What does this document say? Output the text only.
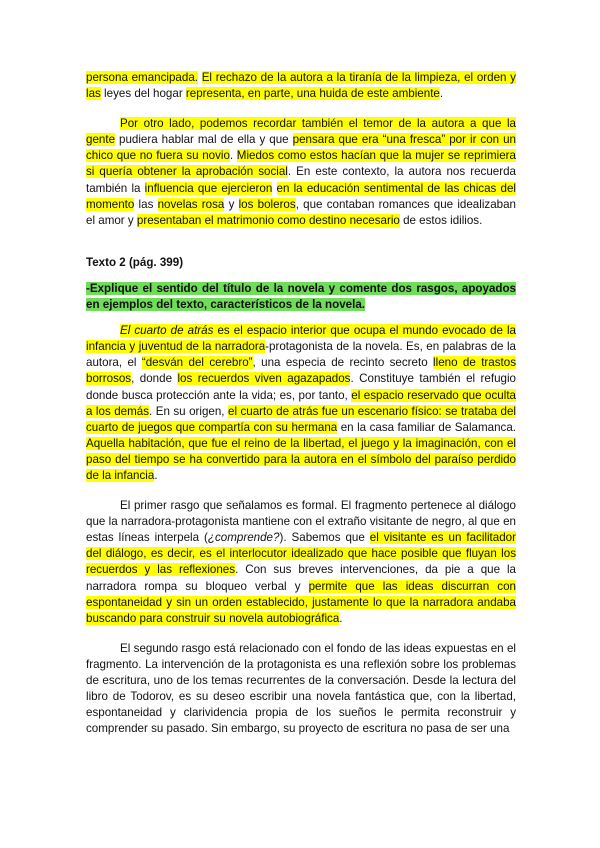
persona emancipada. El rechazo de la autora a la tiranía de la limpieza, el orden y las leyes del hogar representa, en parte, una huida de este ambiente.

Por otro lado, podemos recordar también el temor de la autora a que la gente pudiera hablar mal de ella y que pensara que era “una fresca” por ir con un chico que no fuera su novio. Miedos como estos hacían que la mujer se reprimiera si quería obtener la aprobación social. En este contexto, la autora nos recuerda también la influencia que ejercieron en la educación sentimental de las chicas del momento las novelas rosa y los boleros, que contaban romances que idealizaban el amor y presentaban el matrimonio como destino necesario de estos idilios.

Texto 2 (pág. 399)

-Explique el sentido del título de la novela y comente dos rasgos, apoyados en ejemplos del texto, característicos de la novela.

El cuarto de atrás es el espacio interior que ocupa el mundo evocado de la infancia y juventud de la narradora-protagonista de la novela. Es, en palabras de la autora, el “desván del cerebro”, una especia de recinto secreto lleno de trastos borrosos, donde los recuerdos viven agazapados. Constituye también el refugio donde busca protección ante la vida; es, por tanto, el espacio reservado que oculta a los demás. En su origen, el cuarto de atrás fue un escenario físico: se trataba del cuarto de juegos que compartía con su hermana en la casa familiar de Salamanca. Aquella habitación, que fue el reino de la libertad, el juego y la imaginación, con el paso del tiempo se ha convertido para la autora en el símbolo del paraíso perdido de la infancia.

El primer rasgo que señalamos es formal. El fragmento pertenece al diálogo que la narradora-protagonista mantiene con el extraño visitante de negro, al que en estas líneas interpela (¿comprende?). Sabemos que el visitante es un facilitador del diálogo, es decir, es el interlocutor idealizado que hace posible que fluyan los recuerdos y las reflexiones. Con sus breves intervenciones, da pie a que la narradora rompa su bloqueo verbal y permite que las ideas discurran con espontaneidad y sin un orden establecido, justamente lo que la narradora andaba buscando para construir su novela autobiográfica.

El segundo rasgo está relacionado con el fondo de las ideas expuestas en el fragmento. La intervención de la protagonista es una reflexión sobre los problemas de escritura, uno de los temas recurrentes de la conversación. Desde la lectura del libro de Todorov, es su deseo escribir una novela fantástica que, con la libertad, espontaneidad y clarividencia propia de los sueños le permita reconstruir y comprender su pasado. Sin embargo, su proyecto de escritura no pasa de ser una
